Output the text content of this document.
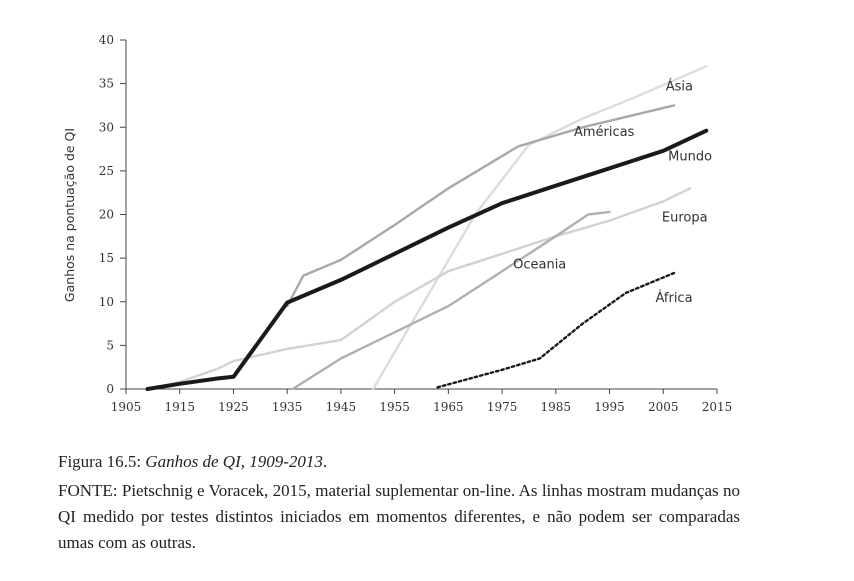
0
5
10
15
20
25
30
35
40
1905 1915 1925 1935 1945 1955 1965 1975 1985 1995 2005 2015
Ásia
Américas
Mundo
Europa
Oceania
África
Ganhos na pontuação de QI
Figura 16.5: Ganhos de QI, 1909-2013.
FONTE: Pietschnig e Voracek, 2015, material suplementar on-line. As linhas mostram mudanças no QI medido por testes distintos iniciados em momentos diferentes, e não podem ser comparadas umas com as outras.
